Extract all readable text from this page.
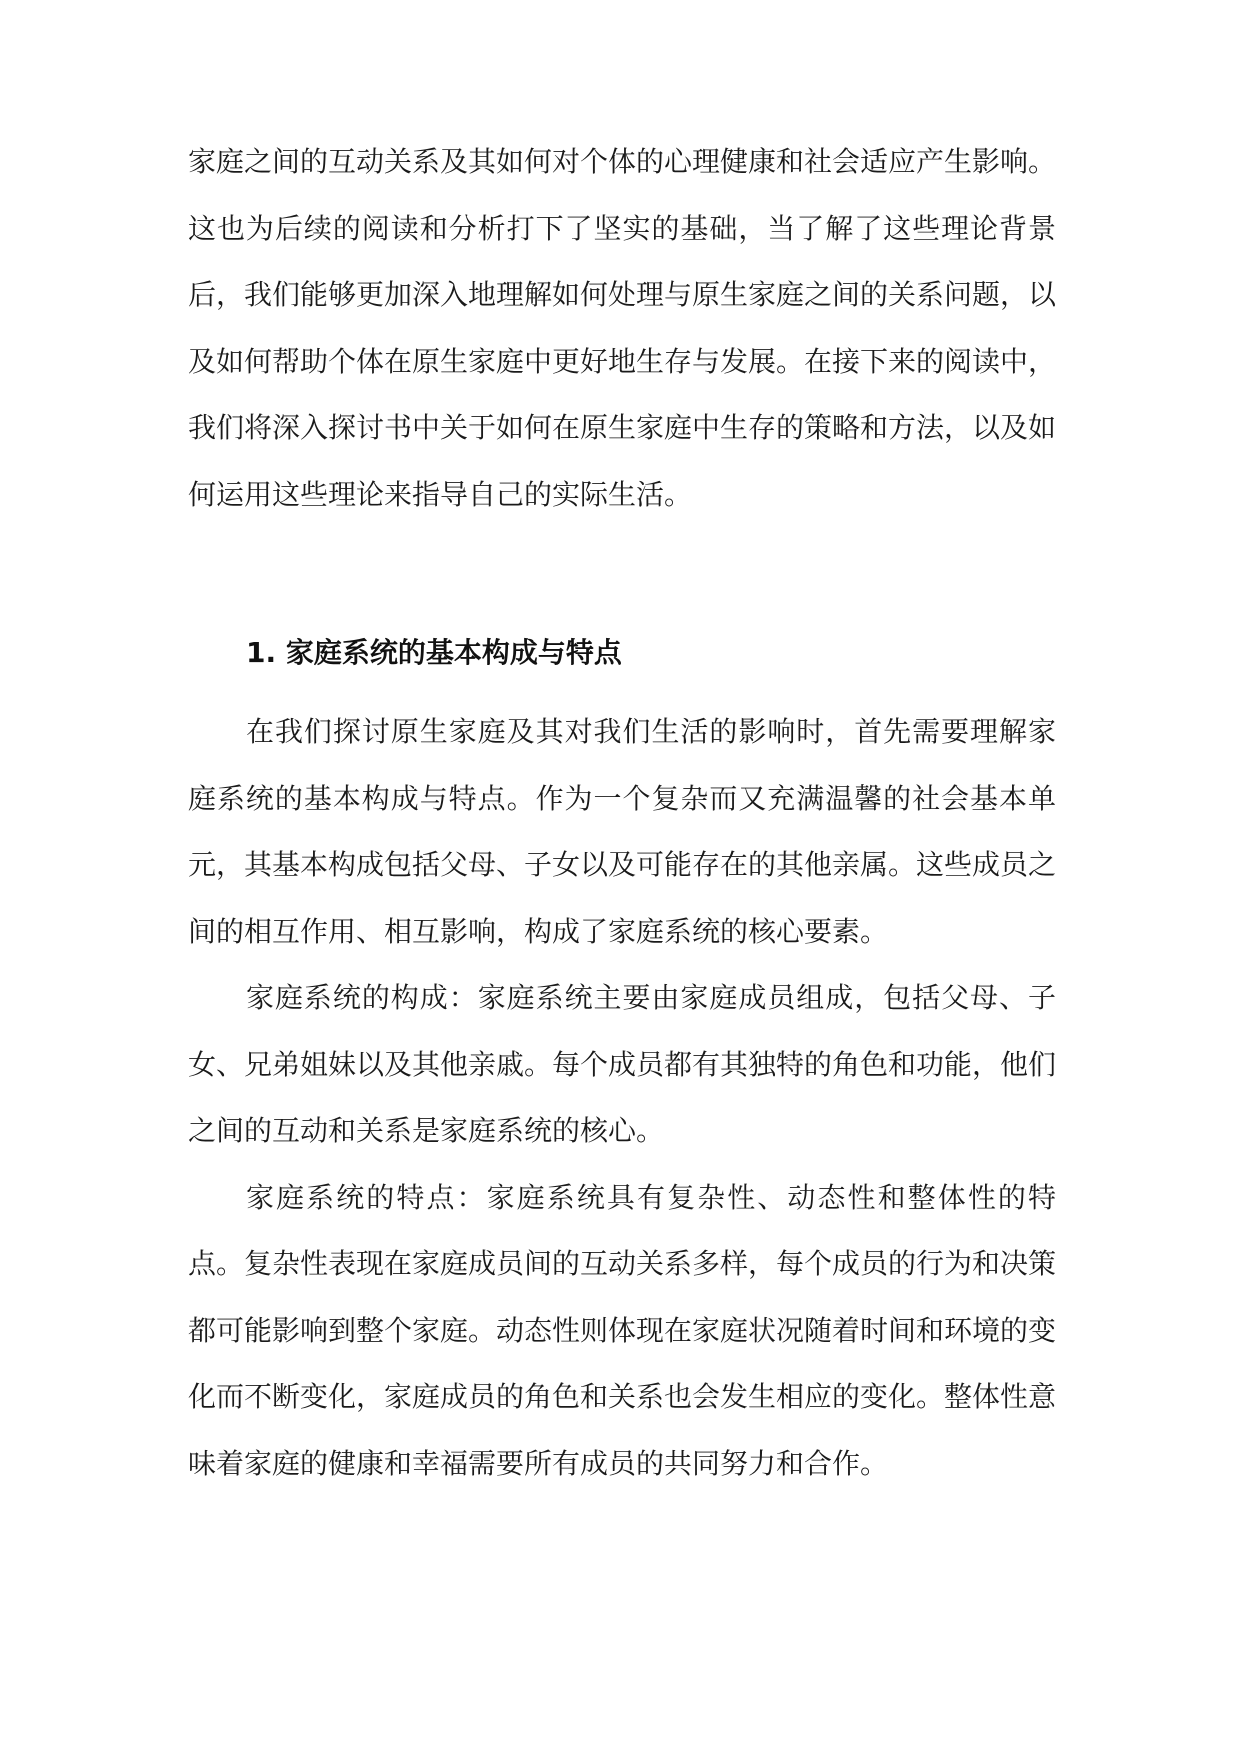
家庭之间的互动关系及其如何对个体的心理健康和社会适应产生影响。这也为后续的阅读和分析打下了坚实的基础，当了解了这些理论背景后，我们能够更加深入地理解如何处理与原生家庭之间的关系问题，以及如何帮助个体在原生家庭中更好地生存与发展。在接下来的阅读中，我们将深入探讨书中关于如何在原生家庭中生存的策略和方法，以及如何运用这些理论来指导自己的实际生活。

1. 家庭系统的基本构成与特点

在我们探讨原生家庭及其对我们生活的影响时，首先需要理解家庭系统的基本构成与特点。作为一个复杂而又充满温馨的社会基本单元，其基本构成包括父母、子女以及可能存在的其他亲属。这些成员之间的相互作用、相互影响，构成了家庭系统的核心要素。

家庭系统的构成：家庭系统主要由家庭成员组成，包括父母、子女、兄弟姐妹以及其他亲戚。每个成员都有其独特的角色和功能，他们之间的互动和关系是家庭系统的核心。

家庭系统的特点：家庭系统具有复杂性、动态性和整体性的特点。复杂性表现在家庭成员间的互动关系多样，每个成员的行为和决策都可能影响到整个家庭。动态性则体现在家庭状况随着时间和环境的变化而不断变化，家庭成员的角色和关系也会发生相应的变化。整体性意味着家庭的健康和幸福需要所有成员的共同努力和合作。
